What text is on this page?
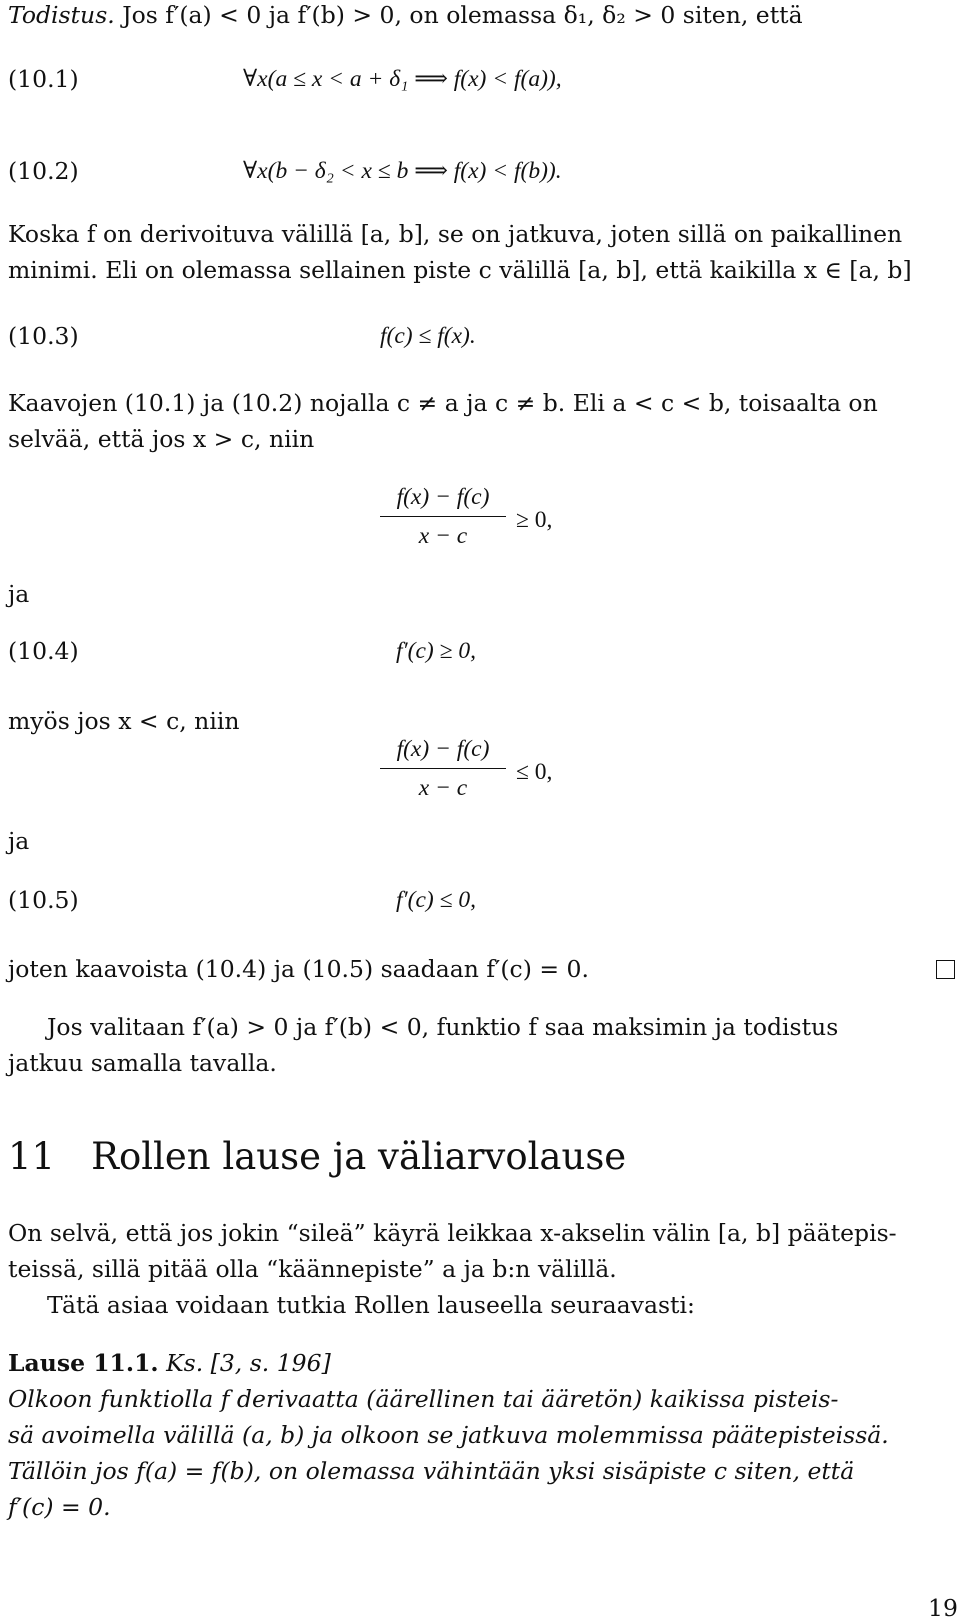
Todistus. Jos f′(a) < 0 ja f′(b) > 0, on olemassa δ₁, δ₂ > 0 siten, että
(10.1)	∀x(a ≤ x < a + δ₁ ⟹ f(x) < f(a)),
(10.2)	∀x(b − δ₂ < x ≤ b ⟹ f(x) < f(b)).
Koska f on derivoituva välillä [a, b], se on jatkuva, joten sillä on paikallinen
minimi. Eli on olemassa sellainen piste c välillä [a, b], että kaikilla x ∈ [a, b]
(10.3)	f(c) ≤ f(x).
Kaavojen (10.1) ja (10.2) nojalla c ≠ a ja c ≠ b. Eli a < c < b, toisaalta on
selvää, että jos x > c, niin
f(x) − f(c)
x − c
≥ 0,
ja
(10.4)	f′(c) ≥ 0,
myös jos x < c, niin
f(x) − f(c)
x − c
≤ 0,
ja
(10.5)	f′(c) ≤ 0,
joten kaavoista (10.4) ja (10.5) saadaan f′(c) = 0.
Jos valitaan f′(a) > 0 ja f′(b) < 0, funktio f saa maksimin ja todistus
jatkuu samalla tavalla.
11 Rollen lause ja väliarvolause
On selvä, että jos jokin “sileä” käyrä leikkaa x-akselin välin [a, b] päätepis-
teissä, sillä pitää olla “käännepiste” a ja b:n välillä.
Tätä asiaa voidaan tutkia Rollen lauseella seuraavasti:
Lause 11.1. Ks. [3, s. 196]
Olkoon funktiolla f derivaatta (äärellinen tai ääretön) kaikissa pisteis-
sä avoimella välillä (a, b) ja olkoon se jatkuva molemmissa päätepisteissä.
Tällöin jos f(a) = f(b), on olemassa vähintään yksi sisäpiste c siten, että
f′(c) = 0.
19
